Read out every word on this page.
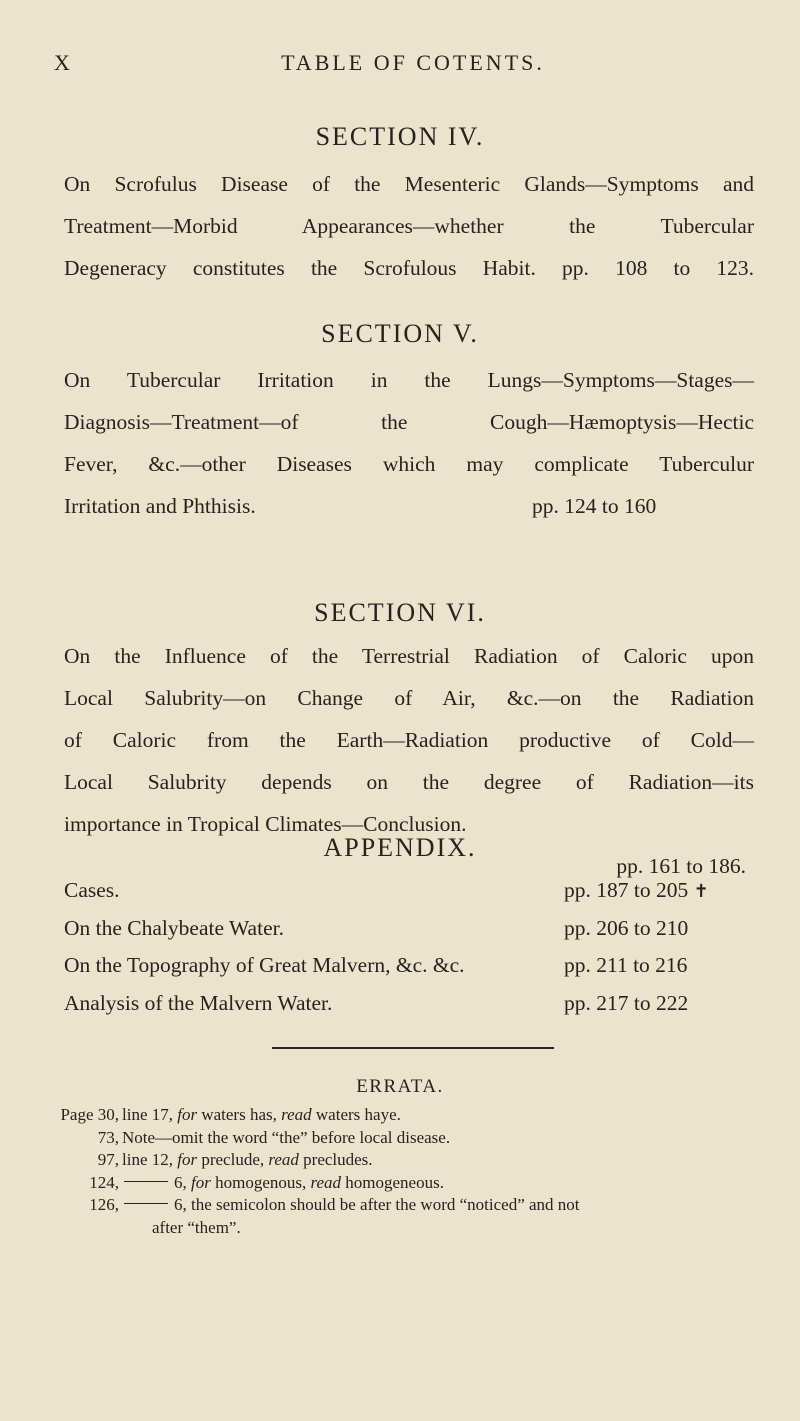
X	TABLE OF COTENTS.
SECTION IV.

On Scrofulus Disease of the Mesenteric Glands—Symptoms and
Treatment—Morbid Appearances—whether the Tubercular
Degeneracy constitutes the Scrofulous Habit. pp. 108 to 123.

SECTION V.

On Tubercular Irritation in the Lungs—Symptoms—Stages—
Diagnosis—Treatment—of the Cough—Hæmoptysis—Hectic
Fever, &c.—other Diseases which may complicate Tuberculur
Irritation and Phthisis.	pp. 124 to 160

SECTION VI.

On the Influence of the Terrestrial Radiation of Caloric upon
Local Salubrity—on Change of Air, &c.—on the Radiation
of Caloric from the Earth—Radiation productive of Cold—
Local Salubrity depends on the degree of Radiation—its
importance in Tropical Climates—Conclusion.
pp. 161 to 186.

APPENDIX.
Cases.	pp. 187 to 205 ✝
On the Chalybeate Water.	pp. 206 to 210
On the Topography of Great Malvern, &c. &c.	pp. 211 to 216
Analysis of the Malvern Water.	pp. 217 to 222
ERRATA.
Page 30, line 17, for waters has, read waters haye.
73, Note—omit the word “the” before local disease.
97, line 12, for preclude, read precludes.
124,	6, for homogenous, read homogeneous.
126,	6, the semicolon should be after the word “noticed” and not
after “them”.
